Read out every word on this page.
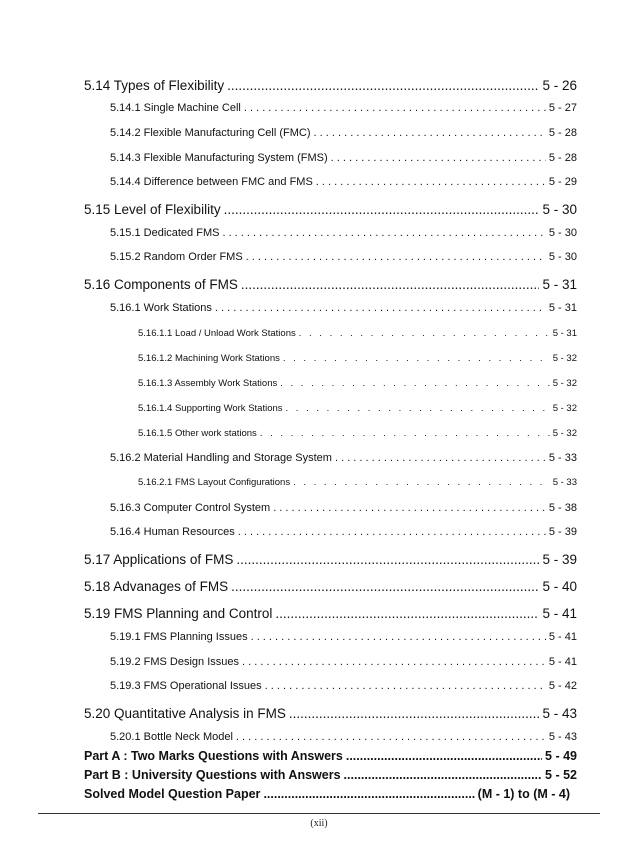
5.14 Types of Flexibility .....	5 - 26
5.14.1 Single Machine Cell . . .	5 - 27
5.14.2 Flexible Manufacturing Cell (FMC) . . .	5 - 28
5.14.3 Flexible Manufacturing System (FMS) . . .	5 - 28
5.14.4 Difference between FMC and FMS . . .	5 - 29
5.15 Level of Flexibility .....	5 - 30
5.15.1 Dedicated FMS . . .	5 - 30
5.15.2 Random Order FMS . . .	5 - 30
5.16 Components of FMS .....	5 - 31
5.16.1 Work Stations . . .	5 - 31
5.16.1.1 Load / Unload Work Stations . . .	5 - 31
5.16.1.2 Machining Work Stations . . .	5 - 32
5.16.1.3 Assembly Work Stations . . .	5 - 32
5.16.1.4 Supporting Work Stations . . .	5 - 32
5.16.1.5 Other work stations . . .	5 - 32
5.16.2 Material Handling and Storage System . . .	5 - 33
5.16.2.1 FMS Layout Configurations . . .	5 - 33
5.16.3 Computer Control System . . .	5 - 38
5.16.4 Human Resources . . .	5 - 39
5.17 Applications of FMS .....	5 - 39
5.18 Advanages of FMS .....	5 - 40
5.19 FMS Planning and Control .....	5 - 41
5.19.1 FMS Planning Issues . . .	5 - 41
5.19.2 FMS Design Issues . . .	5 - 41
5.19.3 FMS Operational Issues . . .	5 - 42
5.20 Quantitative Analysis in FMS .....	5 - 43
5.20.1 Bottle Neck Model . . .	5 - 43
Part A : Two Marks Questions with Answers .....	5 - 49
Part B : University Questions with Answers .....	5 - 52
Solved Model Question Paper .....	(M - 1) to (M - 4)
(xii)
